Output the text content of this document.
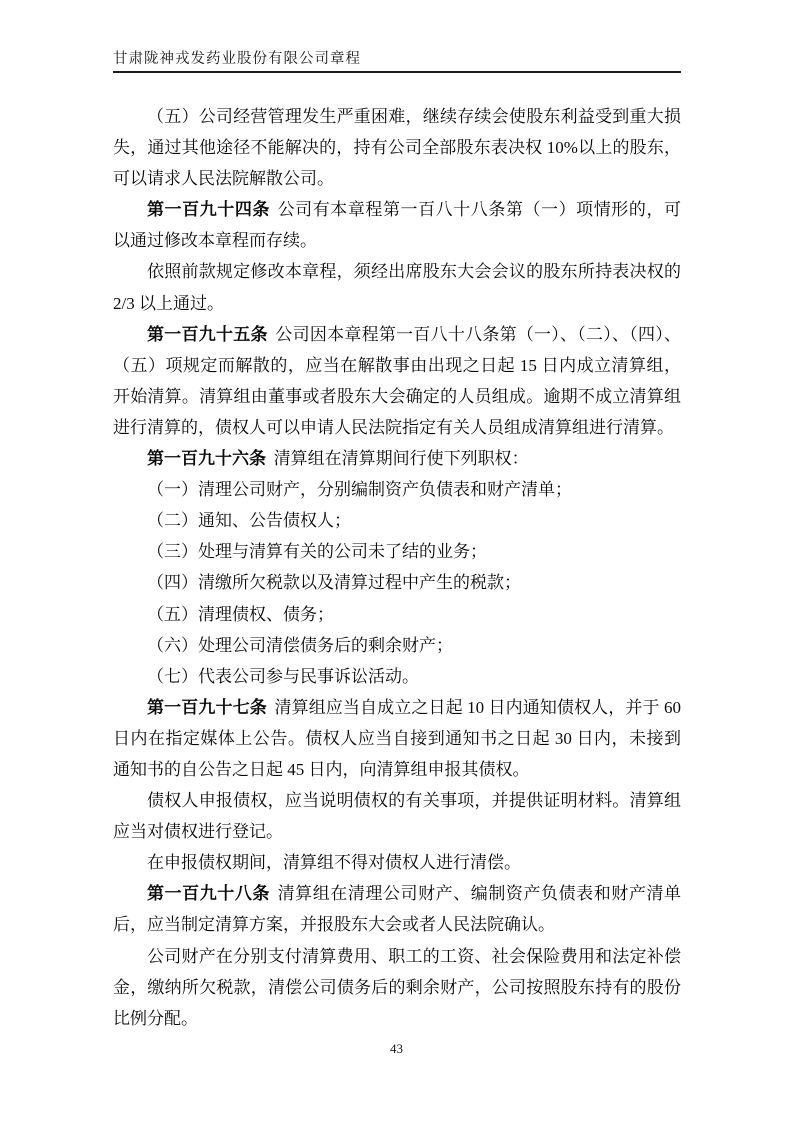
甘肃陇神戎发药业股份有限公司章程

（五）公司经营管理发生严重困难，继续存续会使股东利益受到重大损失，通过其他途径不能解决的，持有公司全部股东表决权 10%以上的股东，可以请求人民法院解散公司。

第一百九十四条 公司有本章程第一百八十八条第（一）项情形的，可以通过修改本章程而存续。

依照前款规定修改本章程，须经出席股东大会会议的股东所持表决权的 2/3 以上通过。

第一百九十五条 公司因本章程第一百八十八条第（一）、（二）、（四）、（五）项规定而解散的，应当在解散事由出现之日起 15 日内成立清算组，开始清算。清算组由董事或者股东大会确定的人员组成。逾期不成立清算组进行清算的，债权人可以申请人民法院指定有关人员组成清算组进行清算。

第一百九十六条 清算组在清算期间行使下列职权：

（一）清理公司财产，分别编制资产负债表和财产清单；

（二）通知、公告债权人；

（三）处理与清算有关的公司未了结的业务；

（四）清缴所欠税款以及清算过程中产生的税款；

（五）清理债权、债务；

（六）处理公司清偿债务后的剩余财产；

（七）代表公司参与民事诉讼活动。

第一百九十七条 清算组应当自成立之日起 10 日内通知债权人，并于 60 日内在指定媒体上公告。债权人应当自接到通知书之日起 30 日内，未接到通知书的自公告之日起 45 日内，向清算组申报其债权。

债权人申报债权，应当说明债权的有关事项，并提供证明材料。清算组应当对债权进行登记。

在申报债权期间，清算组不得对债权人进行清偿。

第一百九十八条 清算组在清理公司财产、编制资产负债表和财产清单后，应当制定清算方案，并报股东大会或者人民法院确认。

公司财产在分别支付清算费用、职工的工资、社会保险费用和法定补偿金，缴纳所欠税款，清偿公司债务后的剩余财产，公司按照股东持有的股份比例分配。

43
